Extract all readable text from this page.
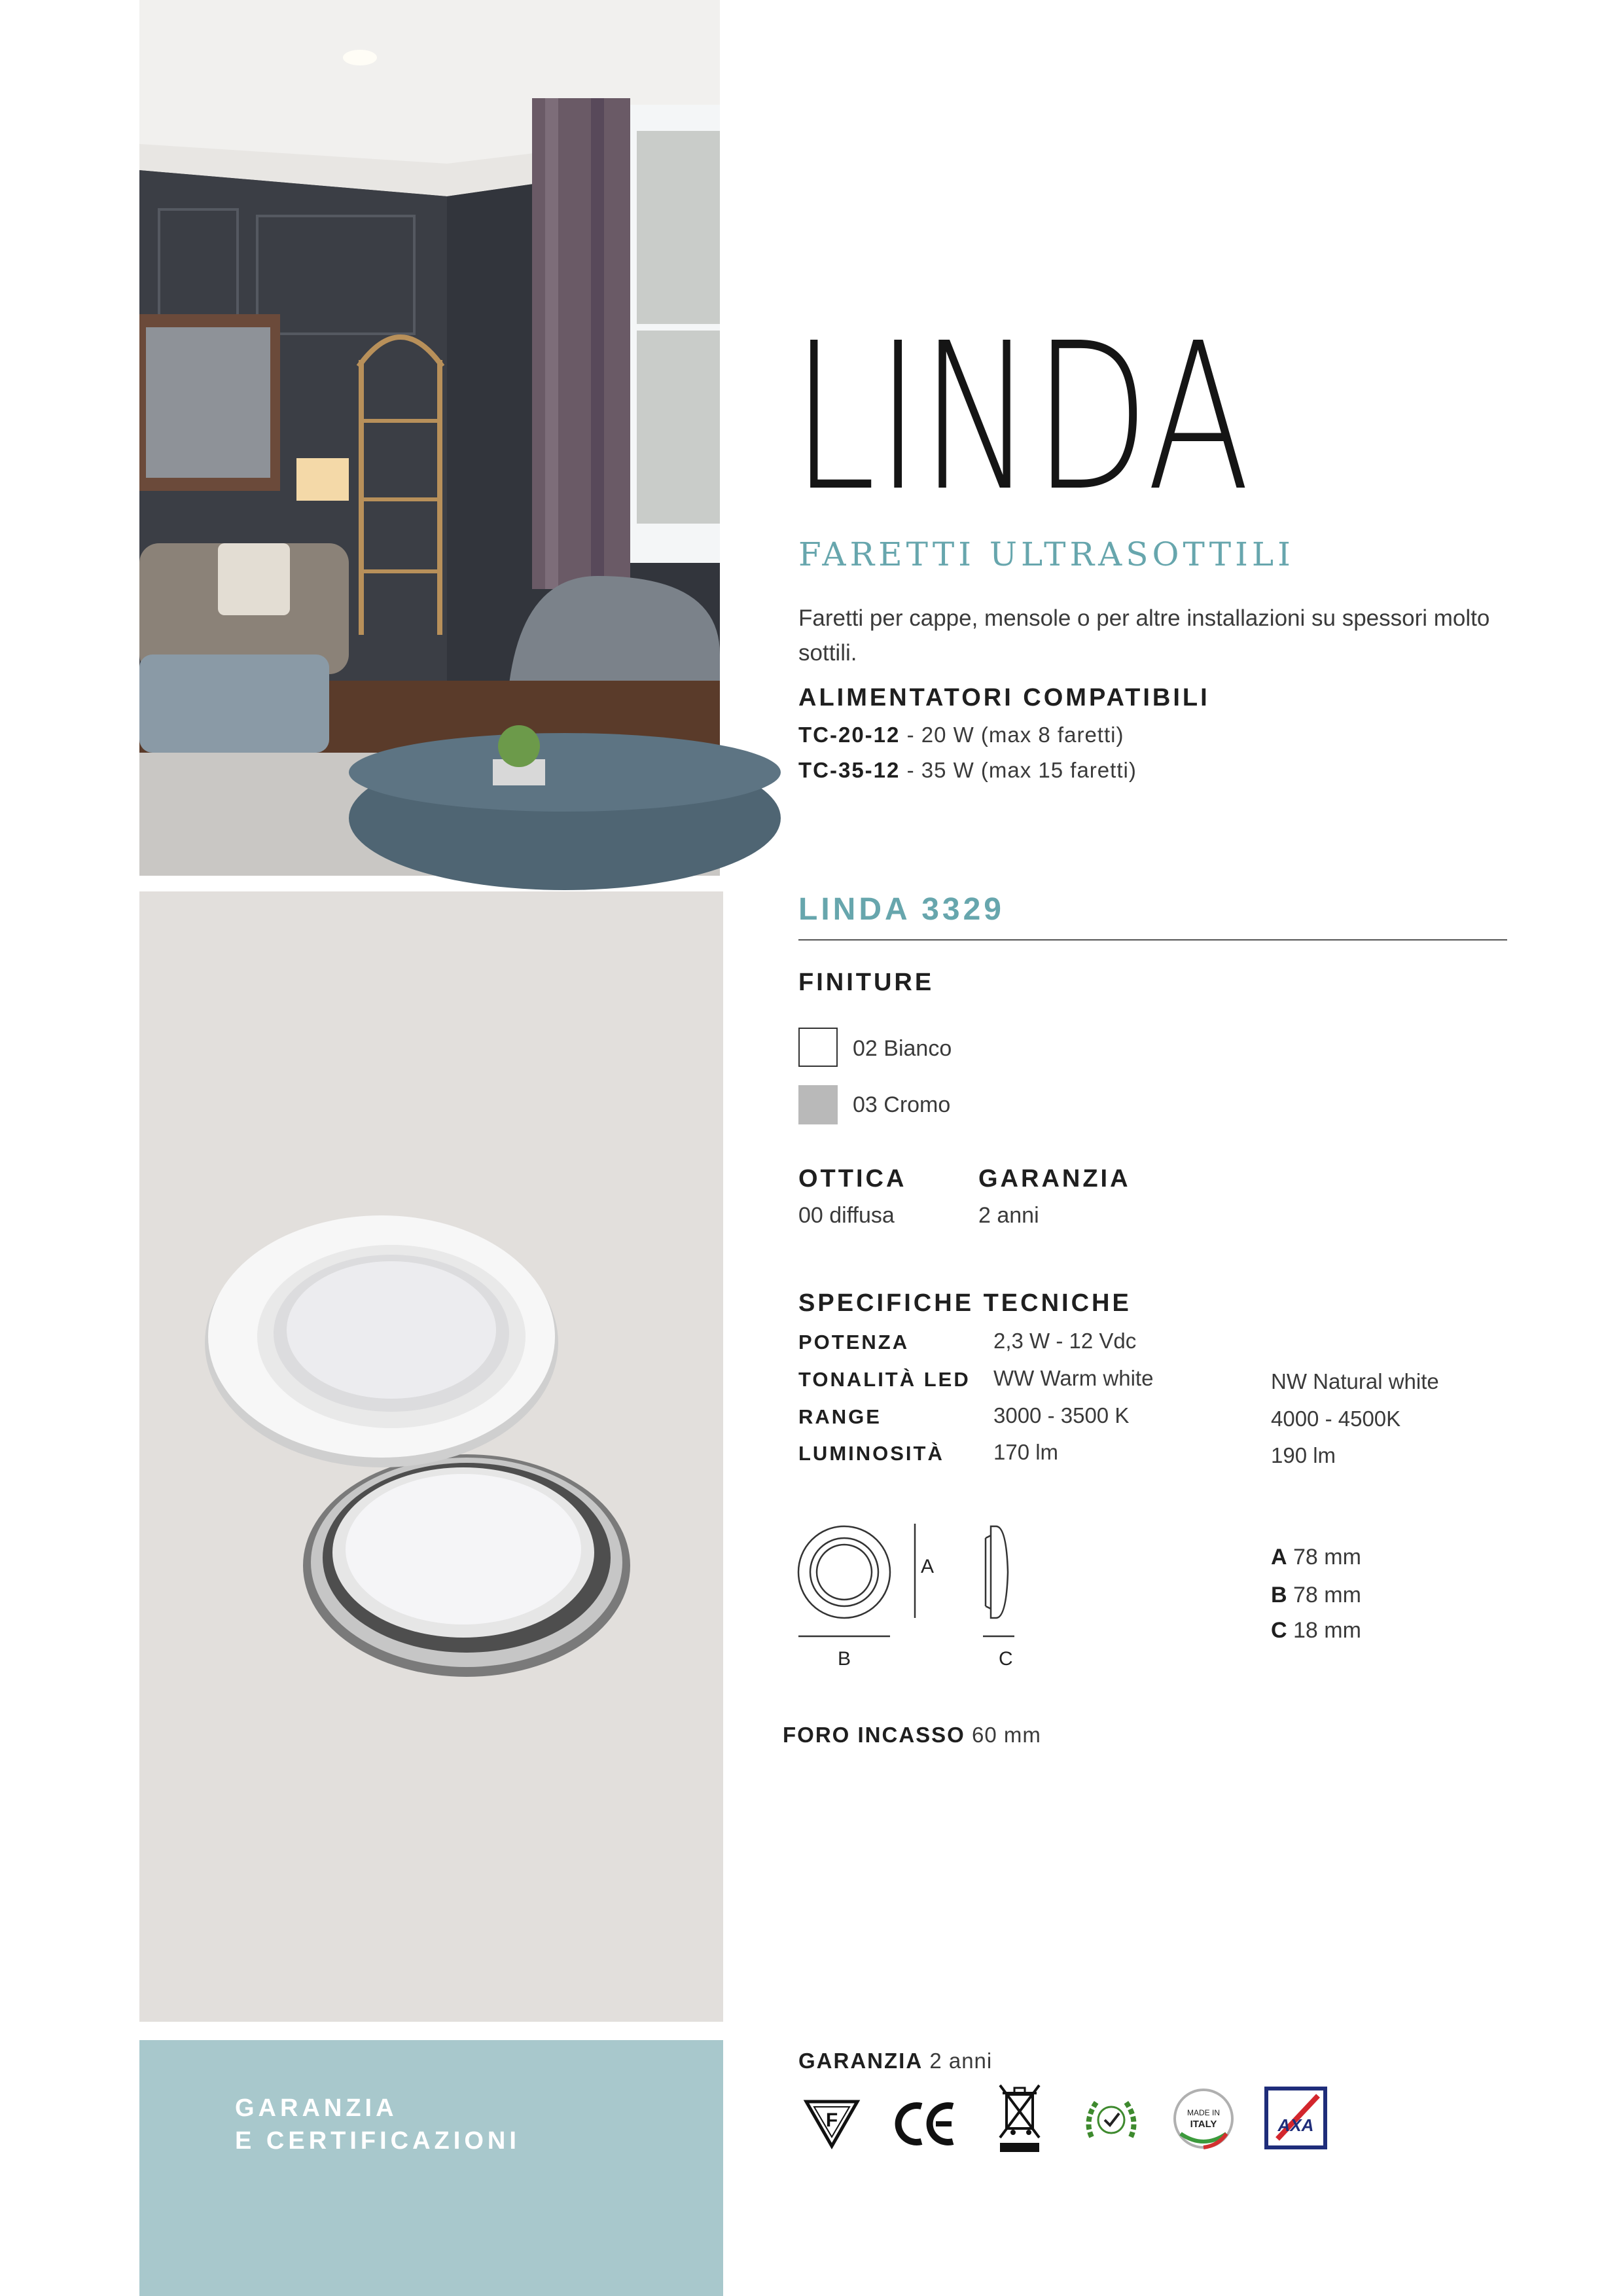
GARANZIA
E CERTIFICAZIONI
LINDA
FARETTI ULTRASOTTILI
Faretti per cappe, mensole o per altre installazioni su spessori molto sottili.
ALIMENTATORI COMPATIBILI
TC-20-12 - 20 W (max 8 faretti)
TC-35-12 - 35 W (max 15 faretti)
LINDA 3329
FINITURE
02 Bianco
03 Cromo
OTTICA
00 diffusa
GARANZIA
2 anni
SPECIFICHE TECNICHE
POTENZA	2,3 W - 12 Vdc
TONALITÀ LED WW Warm white	NW Natural white
RANGE	3000 - 3500 K	4000 - 4500K
LUMINOSITÀ 170 lm	190 lm
A
B	C
A 78 mm
B 78 mm
C 18 mm
FORO INCASSO 60 mm
GARANZIA 2 anni
F	MADE IN
ITALY	AXA
